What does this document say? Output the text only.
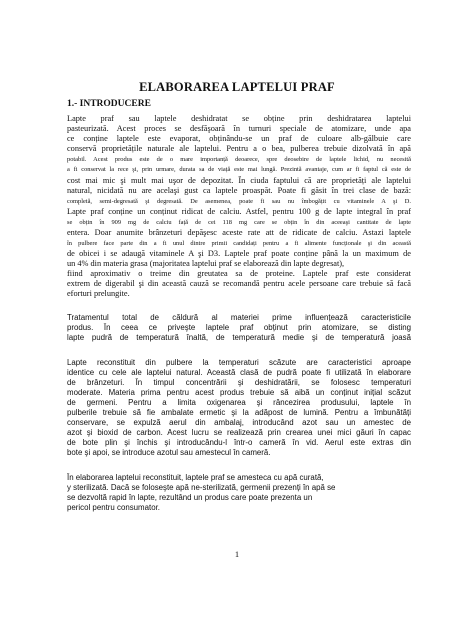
ELABORAREA LAPTELUI PRAF
1.- INTRODUCERE
Lapte praf sau laptele deshidratat se obține prin deshidratarea laptelui
pasteurizată. Acest proces se desfăşoară în turnuri speciale de atomizare, unde apa
ce conține laptele este evaporat, obținându-se un praf de culoare alb-gălbuie care
conservă proprietățile naturale ale laptelui. Pentru a o bea, pulberea trebuie dizolvată în apă
potabil. Acest produs este de o mare importanță deoarece, spre deosebire de laptele lichid, nu necesită
a fi conservat la rece şi, prin urmare, durata sa de viață este mai lungă. Prezintă avantaje, cum ar fi faptul că este de
cost mai mic şi mult mai uşor de depozitat. În ciuda faptului că are proprietăți ale laptelui
natural, nicidată nu are acelaşi gust ca laptele proaspăt. Poate fi găsit în trei clase de bază:
completă, semi-degresată şi degresată. De asemenea, poate fi sau nu îmbogățit cu vitaminele A şi D.
Lapte praf conține un conținut ridicat de calciu. Astfel, pentru 100 g de lapte integral în praf
se obțin în 909 mg de calciu față de cei 118 mg care se obțin în din aceeaşi cantitate de lapte
entera. Doar anumite brânzeturi depăşesc aceste rate att de ridicate de calciu. Astazi laptele
în pulbere face parte din a fi unul dintre primii candidați pentru a fi alimente funcționale şi din această
de obicei i se adaugă vitaminele A şi D3. Laptele praf poate conține până la un maximum de
un 4% din materia grasa (majoritatea laptelui praf se elaborează din lapte degresat),
fiind aproximativ o treime din greutatea sa de proteine. Laptele praf este considerat
extrem de digerabil şi din această cauză se recomandă pentru acele persoane care trebuie să facă
eforturi prelungite.
Tratamentul total de căldură al materiei prime influențează caracteristicile
produs. În ceea ce priveşte laptele praf obținut prin atomizare, se disting
lapte pudră de temperatură înaltă, de temperatură medie şi de temperatură joasă
Lapte reconstituit din pulbere la temperaturi scăzute are caracteristici aproape
identice cu cele ale laptelui natural. Această clasă de pudră poate fi utilizată în elaborare
de brânzeturi. În timpul concentrării şi deshidratării, se folosesc temperaturi
moderate. Materia prima pentru acest produs trebuie să aibă un conținut inițial scăzut
de germeni. Pentru a limita oxigenarea şi râncezirea produsului, laptele în
pulberile trebuie să fie ambalate ermetic şi la adăpost de lumină. Pentru a îmbunătăți
conservare, se expulză aerul din ambalaj, introducând azot sau un amestec de
azot şi bioxid de carbon. Acest lucru se realizează prin crearea unei mici găuri în capac
de bote plin şi închis şi introducându-l într-o cameră în vid. Aerul este extras din
bote şi apoi, se introduce azotul sau amestecul în cameră.
În elaborarea laptelui reconstituit, laptele praf se amesteca cu apă curată,
y sterilizată. Dacă se foloseşte apă ne-sterilizată, germenii prezenți în apă se
se dezvoltă rapid în lapte, rezultând un produs care poate prezenta un
pericol pentru consumator.
1
